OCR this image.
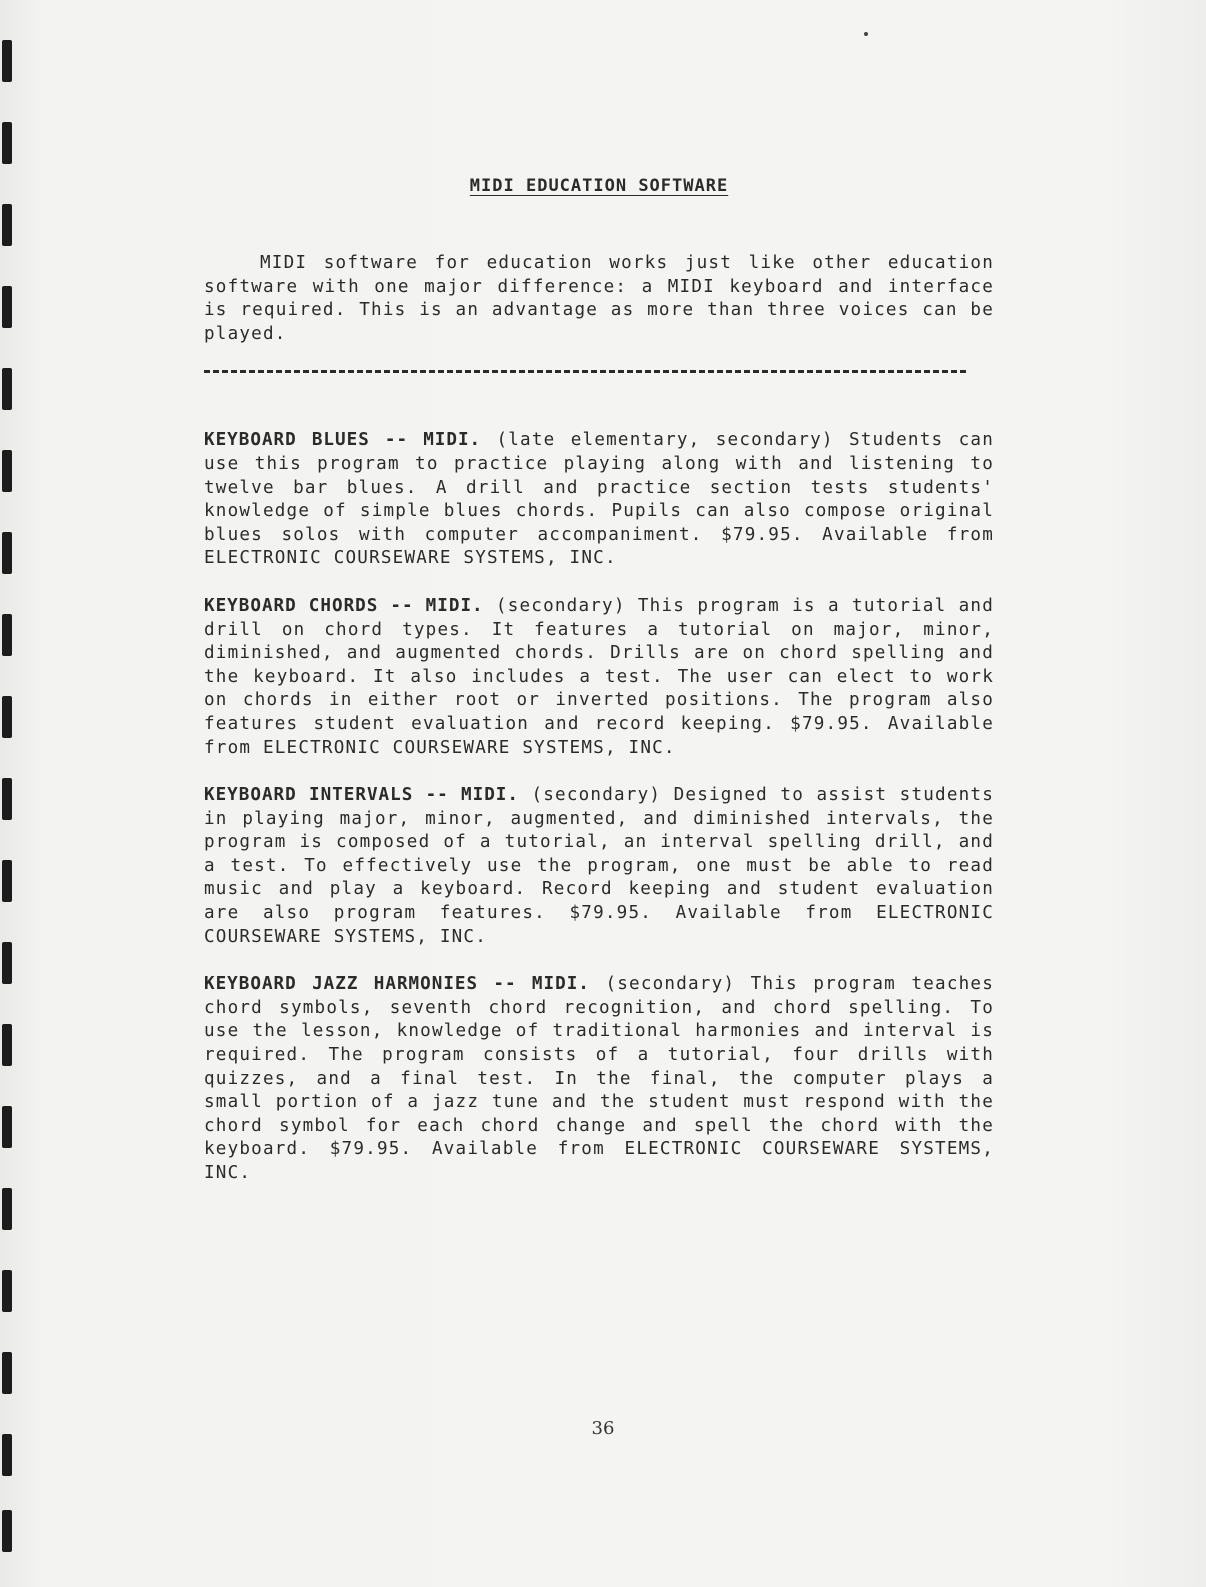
MIDI EDUCATION SOFTWARE

MIDI software for education works just like other education software with one major difference: a MIDI keyboard and interface is required. This is an advantage as more than three voices can be played.

KEYBOARD BLUES -- MIDI. (late elementary, secondary) Students can use this program to practice playing along with and listening to twelve bar blues. A drill and practice section tests students' knowledge of simple blues chords. Pupils can also compose original blues solos with computer accompaniment. $79.95. Available from ELECTRONIC COURSEWARE SYSTEMS, INC.

KEYBOARD CHORDS -- MIDI. (secondary) This program is a tutorial and drill on chord types. It features a tutorial on major, minor, diminished, and augmented chords. Drills are on chord spelling and the keyboard. It also includes a test. The user can elect to work on chords in either root or inverted positions. The program also features student evaluation and record keeping. $79.95. Available from ELECTRONIC COURSEWARE SYSTEMS, INC.

KEYBOARD INTERVALS -- MIDI. (secondary) Designed to assist students in playing major, minor, augmented, and diminished intervals, the program is composed of a tutorial, an interval spelling drill, and a test. To effectively use the program, one must be able to read music and play a keyboard. Record keeping and student evaluation are also program features. $79.95. Available from ELECTRONIC COURSEWARE SYSTEMS, INC.

KEYBOARD JAZZ HARMONIES -- MIDI. (secondary) This program teaches chord symbols, seventh chord recognition, and chord spelling. To use the lesson, knowledge of traditional harmonies and interval is required. The program consists of a tutorial, four drills with quizzes, and a final test. In the final, the computer plays a small portion of a jazz tune and the student must respond with the chord symbol for each chord change and spell the chord with the keyboard. $79.95. Available from ELECTRONIC COURSEWARE SYSTEMS, INC.

36
